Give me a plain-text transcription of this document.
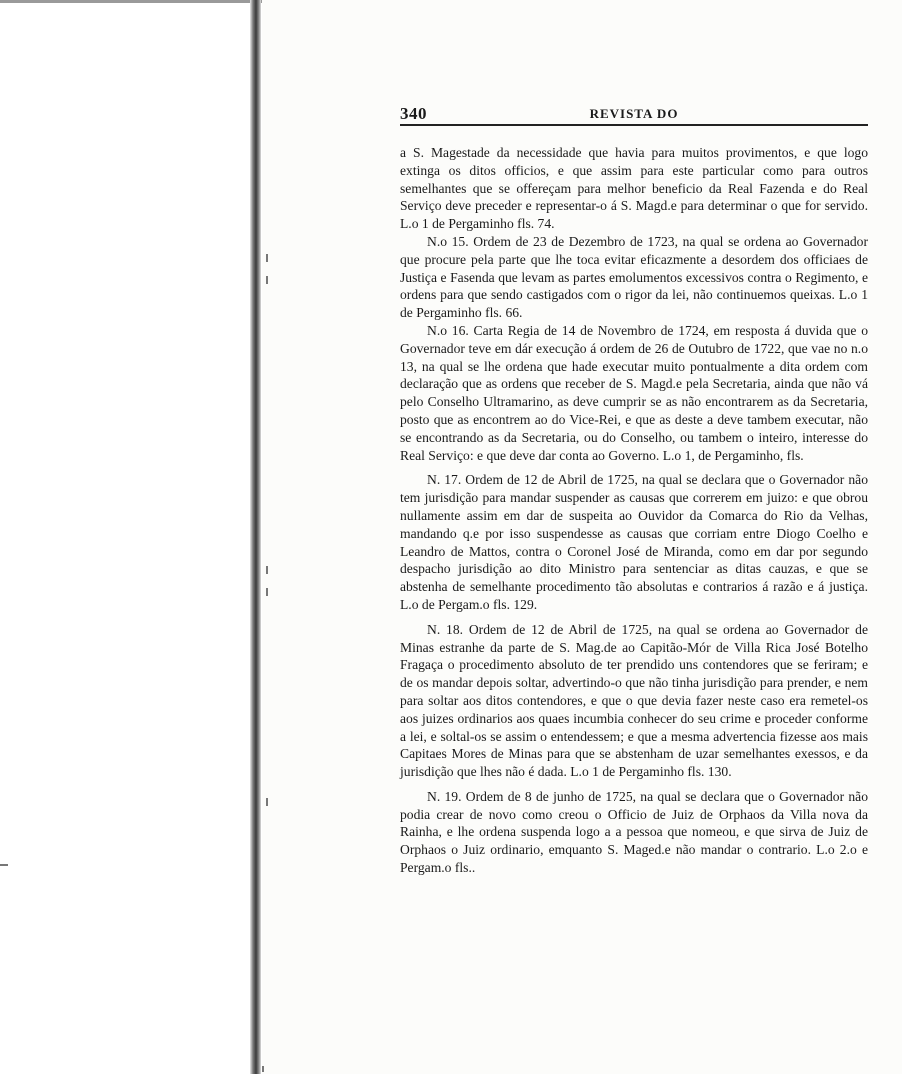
340	REVISTA DO

a S. Magestade da necessidade que havia para muitos provimentos, e que logo extinga os ditos officios, e que assim para este particular como para outros semelhantes que se offereçam para melhor beneficio da Real Fazenda e do Real Serviço deve preceder e representar-o á S. Magd.e para determinar o que for servido. L.o 1 de Pergaminho fls. 74.

N.o 15. Ordem de 23 de Dezembro de 1723, na qual se ordena ao Governador que procure pela parte que lhe toca evitar eficazmente a desordem dos officiaes de Justiça e Fasenda que levam as partes emolumentos excessivos contra o Regimento, e ordens para que sendo castigados com o rigor da lei, não continuemos queixas. L.o 1 de Pergaminho fls. 66.

N.o 16. Carta Regia de 14 de Novembro de 1724, em resposta á duvida que o Governador teve em dár execução á ordem de 26 de Outubro de 1722, que vae no n.o 13, na qual se lhe ordena que hade executar muito pontualmente a dita ordem com declaração que as ordens que receber de S. Magd.e pela Secretaria, ainda que não vá pelo Conselho Ultramarino, as deve cumprir se as não encontrarem as da Secretaria, posto que as encontrem ao do Vice-Rei, e que as deste a deve tambem executar, não se encontrando as da Secretaria, ou do Conselho, ou tambem o inteiro, interesse do Real Serviço: e que deve dar conta ao Governo. L.o 1, de Pergaminho, fls.

N. 17. Ordem de 12 de Abril de 1725, na qual se declara que o Governador não tem jurisdição para mandar suspender as causas que correrem em juizo: e que obrou nullamente assim em dar de suspeita ao Ouvidor da Comarca do Rio da Velhas, mandando q.e por isso suspendesse as causas que corriam entre Diogo Coelho e Leandro de Mattos, contra o Coronel José de Miranda, como em dar por segundo despacho jurisdição ao dito Ministro para sentenciar as ditas cauzas, e que se abstenha de semelhante procedimento tão absolutas e contrarios á razão e á justiça. L.o de Pergam.o fls. 129.

N. 18. Ordem de 12 de Abril de 1725, na qual se ordena ao Governador de Minas estranhe da parte de S. Mag.de ao Capitão-Mór de Villa Rica José Botelho Fragaça o procedimento absoluto de ter prendido uns contendores que se feriram; e de os mandar depois soltar, advertindo-o que não tinha jurisdição para prender, e nem para soltar aos ditos contendores, e que o que devia fazer neste caso era remetel-os aos juizes ordinarios aos quaes incumbia conhecer do seu crime e proceder conforme a lei, e soltal-os se assim o entendessem; e que a mesma advertencia fizesse aos mais Capitaes Mores de Minas para que se abstenham de uzar semelhantes exessos, e da jurisdição que lhes não é dada. L.o 1 de Pergaminho fls. 130.

N. 19. Ordem de 8 de junho de 1725, na qual se declara que o Governador não podia crear de novo como creou o Officio de Juiz de Orphaos da Villa nova da Rainha, e lhe ordena suspenda logo a a pessoa que nomeou, e que sirva de Juiz de Orphaos o Juiz ordinario, emquanto S. Maged.e não mandar o contrario. L.o 2.o e Pergam.o fls..
